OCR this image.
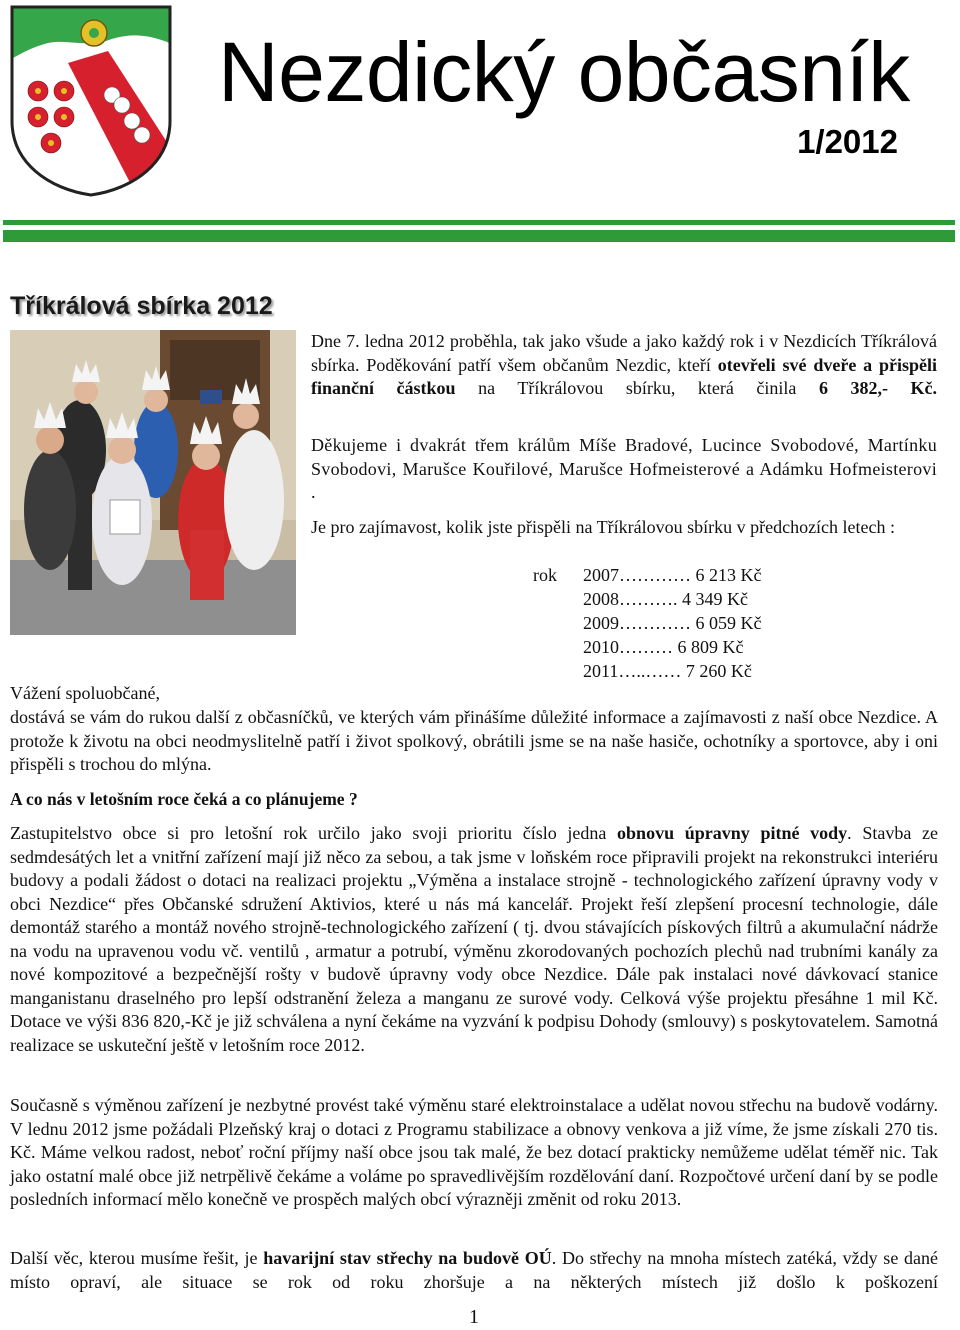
Nezdický občasník
1/2012
Tříkrálová sbírka 2012
Dne 7. ledna 2012 proběhla, tak jako všude a jako každý rok i v Nezdicích Tříkrálová sbírka. Poděkování patří všem občanům Nezdic, kteří otevřeli své dveře a přispěli finanční částkou na Tříkrálovou sbírku, která činila 6 382,- Kč.
Děkujeme i dvakrát třem králům Míše Bradové, Lucince Svobodové, Martínku Svobodovi, Marušce Kouřilové, Marušce Hofmeisterové a Adámku Hofmeisterovi .
Je pro zajímavost, kolik jste přispěli na Tříkrálovou sbírku v předchozích letech :
rok 2007………… 6 213 Kč
2008………. 4 349 Kč
2009………… 6 059 Kč
2010……… 6 809 Kč
2011…..…… 7 260 Kč
Vážení spoluobčané,
dostává se vám do rukou další z občasníčků, ve kterých vám přinášíme důležité informace a zajímavosti z naší obce Nezdice. A protože k životu na obci neodmyslitelně patří i život spolkový, obrátili jsme se na naše hasiče, ochotníky a sportovce, aby i oni přispěli s trochou do mlýna.
A co nás v letošním roce čeká a co plánujeme ?
Zastupitelstvo obce si pro letošní rok určilo jako svoji prioritu číslo jedna obnovu úpravny pitné vody. Stavba ze sedmdesátých let a vnitřní zařízení mají již něco za sebou, a tak jsme v loňském roce připravili projekt na rekonstrukci interiéru budovy a podali žádost o dotaci na realizaci projektu „Výměna a instalace strojně - technologického zařízení úpravny vody v obci Nezdice“ přes Občanské sdružení Aktivios, které u nás má kancelář. Projekt řeší zlepšení procesní technologie, dále demontáž starého a montáž nového strojně-technologického zařízení ( tj. dvou stávajících pískových filtrů a akumulační nádrže na vodu na upravenou vodu vč. ventilů , armatur a potrubí, výměnu zkorodovaných pochozích plechů nad trubními kanály za nové kompozitové a bezpečnější rošty v budově úpravny vody obce Nezdice. Dále pak instalaci nové dávkovací stanice manganistanu draselného pro lepší odstranění železa a manganu ze surové vody. Celková výše projektu přesáhne 1 mil Kč. Dotace ve výši 836 820,-Kč je již schválena a nyní čekáme na vyzvání k podpisu Dohody (smlouvy) s poskytovatelem. Samotná realizace se uskuteční ještě v letošním roce 2012.
Současně s výměnou zařízení je nezbytné provést také výměnu staré elektroinstalace a udělat novou střechu na budově vodárny. V lednu 2012 jsme požádali Plzeňský kraj o dotaci z Programu stabilizace a obnovy venkova a již víme, že jsme získali 270 tis. Kč. Máme velkou radost, neboť roční příjmy naší obce jsou tak malé, že bez dotací prakticky nemůžeme udělat téměř nic. Tak jako ostatní malé obce již netrpělivě čekáme a voláme po spravedlivějším rozdělování daní. Rozpočtové určení daní by se podle posledních informací mělo konečně ve prospěch malých obcí výrazněji změnit od roku 2013.
Další věc, kterou musíme řešit, je havarijní stav střechy na budově OÚ. Do střechy na mnoha místech zatéká, vždy se dané místo opraví, ale situace se rok od roku zhoršuje a na některých místech již došlo k poškození
1
